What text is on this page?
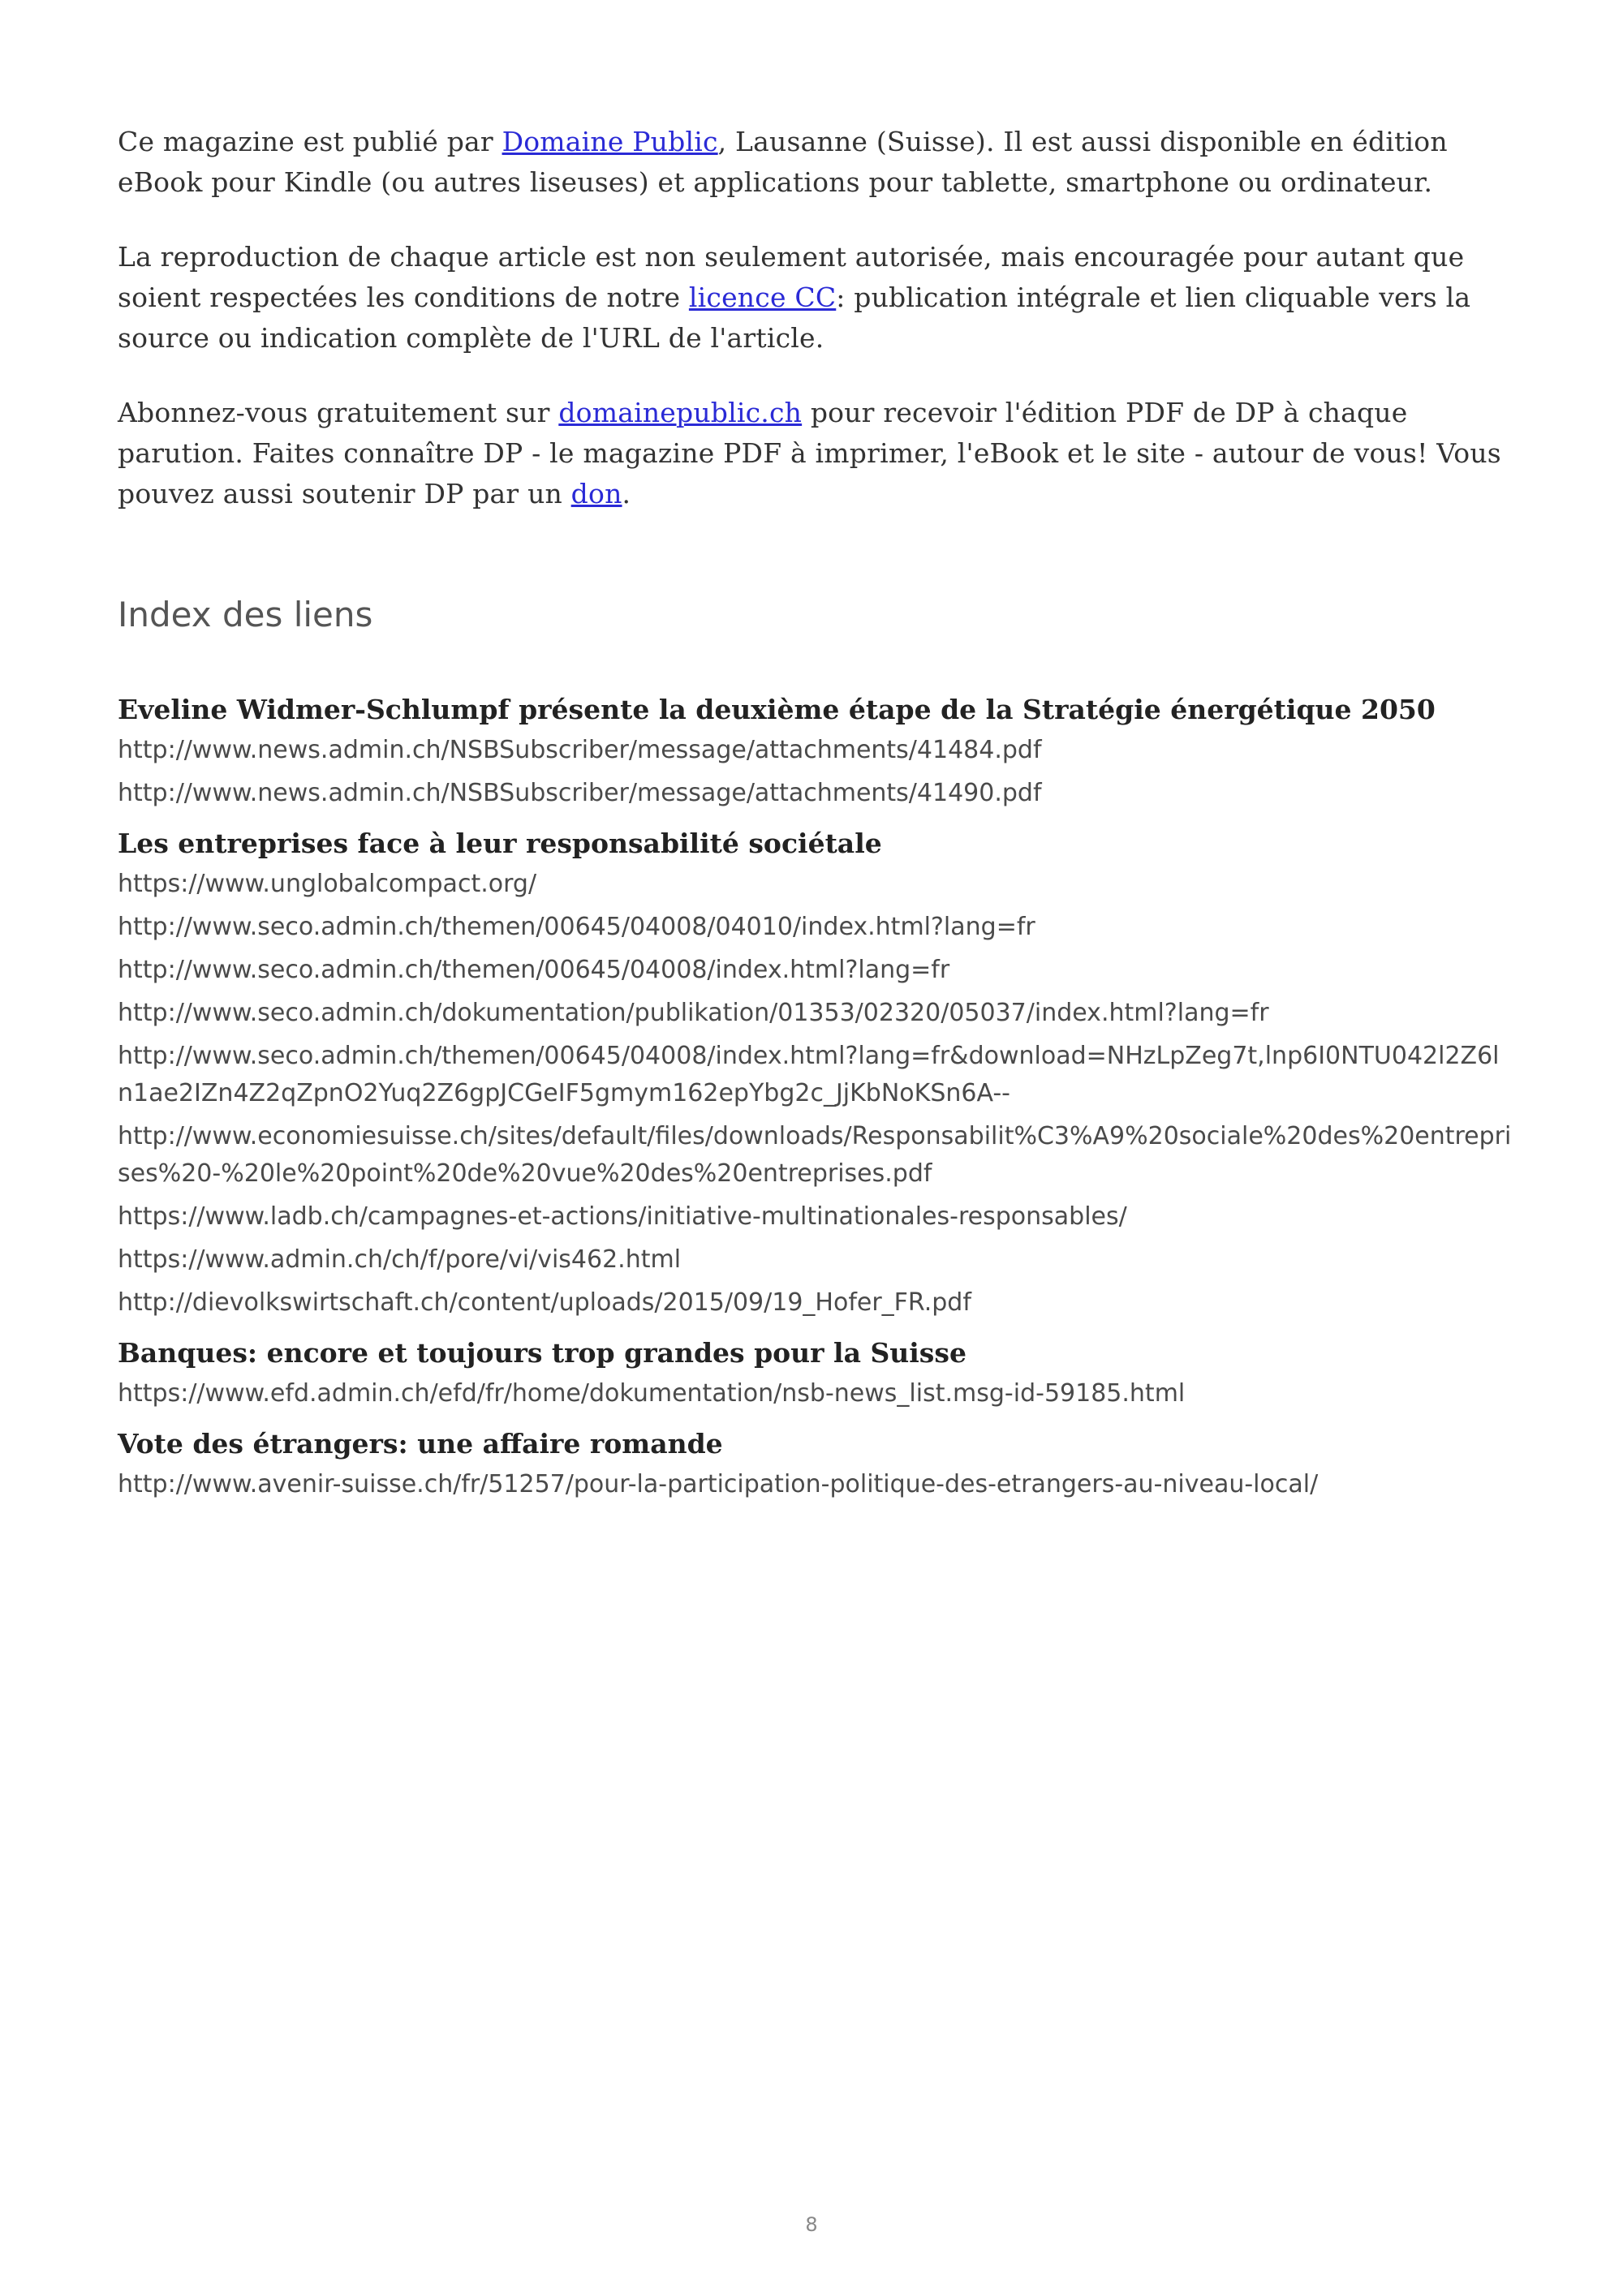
Ce magazine est publié par Domaine Public, Lausanne (Suisse). Il est aussi disponible en édition eBook pour Kindle (ou autres liseuses) et applications pour tablette, smartphone ou ordinateur.

La reproduction de chaque article est non seulement autorisée, mais encouragée pour autant que soient respectées les conditions de notre licence CC: publication intégrale et lien cliquable vers la source ou indication complète de l'URL de l'article.

Abonnez-vous gratuitement sur domainepublic.ch pour recevoir l'édition PDF de DP à chaque parution. Faites connaître DP - le magazine PDF à imprimer, l'eBook et le site - autour de vous! Vous pouvez aussi soutenir DP par un don.

Index des liens
Eveline Widmer-Schlumpf présente la deuxième étape de la Stratégie énergétique 2050
http://www.news.admin.ch/NSBSubscriber/message/attachments/41484.pdf
http://www.news.admin.ch/NSBSubscriber/message/attachments/41490.pdf
Les entreprises face à leur responsabilité sociétale
https://www.unglobalcompact.org/
http://www.seco.admin.ch/themen/00645/04008/04010/index.html?lang=fr
http://www.seco.admin.ch/themen/00645/04008/index.html?lang=fr
http://www.seco.admin.ch/dokumentation/publikation/01353/02320/05037/index.html?lang=fr
http://www.seco.admin.ch/themen/00645/04008/index.html?lang=fr&download=NHzLpZeg7t,lnp6I0NTU042l2Z6ln1ae2IZn4Z2qZpnO2Yuq2Z6gpJCGeIF5gmym162epYbg2c_JjKbNoKSn6A--
http://www.economiesuisse.ch/sites/default/files/downloads/Responsabilit%C3%A9%20sociale%20des%20entreprises%20-%20le%20point%20de%20vue%20des%20entreprises.pdf
https://www.ladb.ch/campagnes-et-actions/initiative-multinationales-responsables/
https://www.admin.ch/ch/f/pore/vi/vis462.html
http://dievolkswirtschaft.ch/content/uploads/2015/09/19_Hofer_FR.pdf
Banques: encore et toujours trop grandes pour la Suisse
https://www.efd.admin.ch/efd/fr/home/dokumentation/nsb-news_list.msg-id-59185.html
Vote des étrangers: une affaire romande
http://www.avenir-suisse.ch/fr/51257/pour-la-participation-politique-des-etrangers-au-niveau-local/
8
